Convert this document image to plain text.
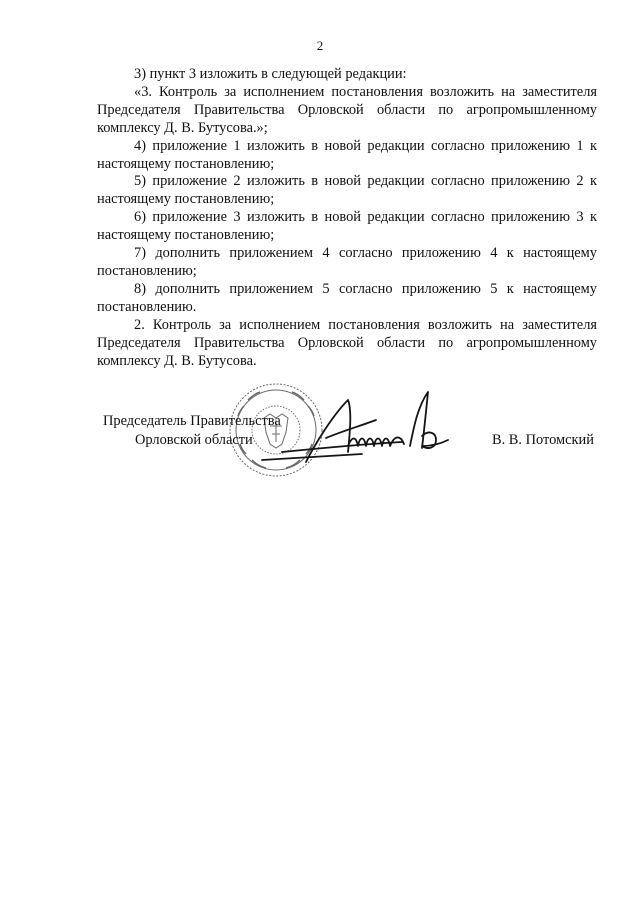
2

3) пункт 3 изложить в следующей редакции:

«3. Контроль за исполнением постановления возложить на заместителя Председателя Правительства Орловской области по агропромышленному комплексу Д. В. Бутусова.»;

4) приложение 1 изложить в новой редакции согласно приложению 1 к настоящему постановлению;

5) приложение 2 изложить в новой редакции согласно приложению 2 к настоящему постановлению;

6) приложение 3 изложить в новой редакции согласно приложению 3 к настоящему постановлению;

7) дополнить приложением 4 согласно приложению 4 к настоящему постановлению;

8) дополнить приложением 5 согласно приложению 5 к настоящему постановлению.

2. Контроль за исполнением постановления возложить на заместителя Председателя Правительства Орловской области по агропромышленному комплексу Д. В. Бутусова.

Председатель Правительства
Орловской области	В. В. Потомский
